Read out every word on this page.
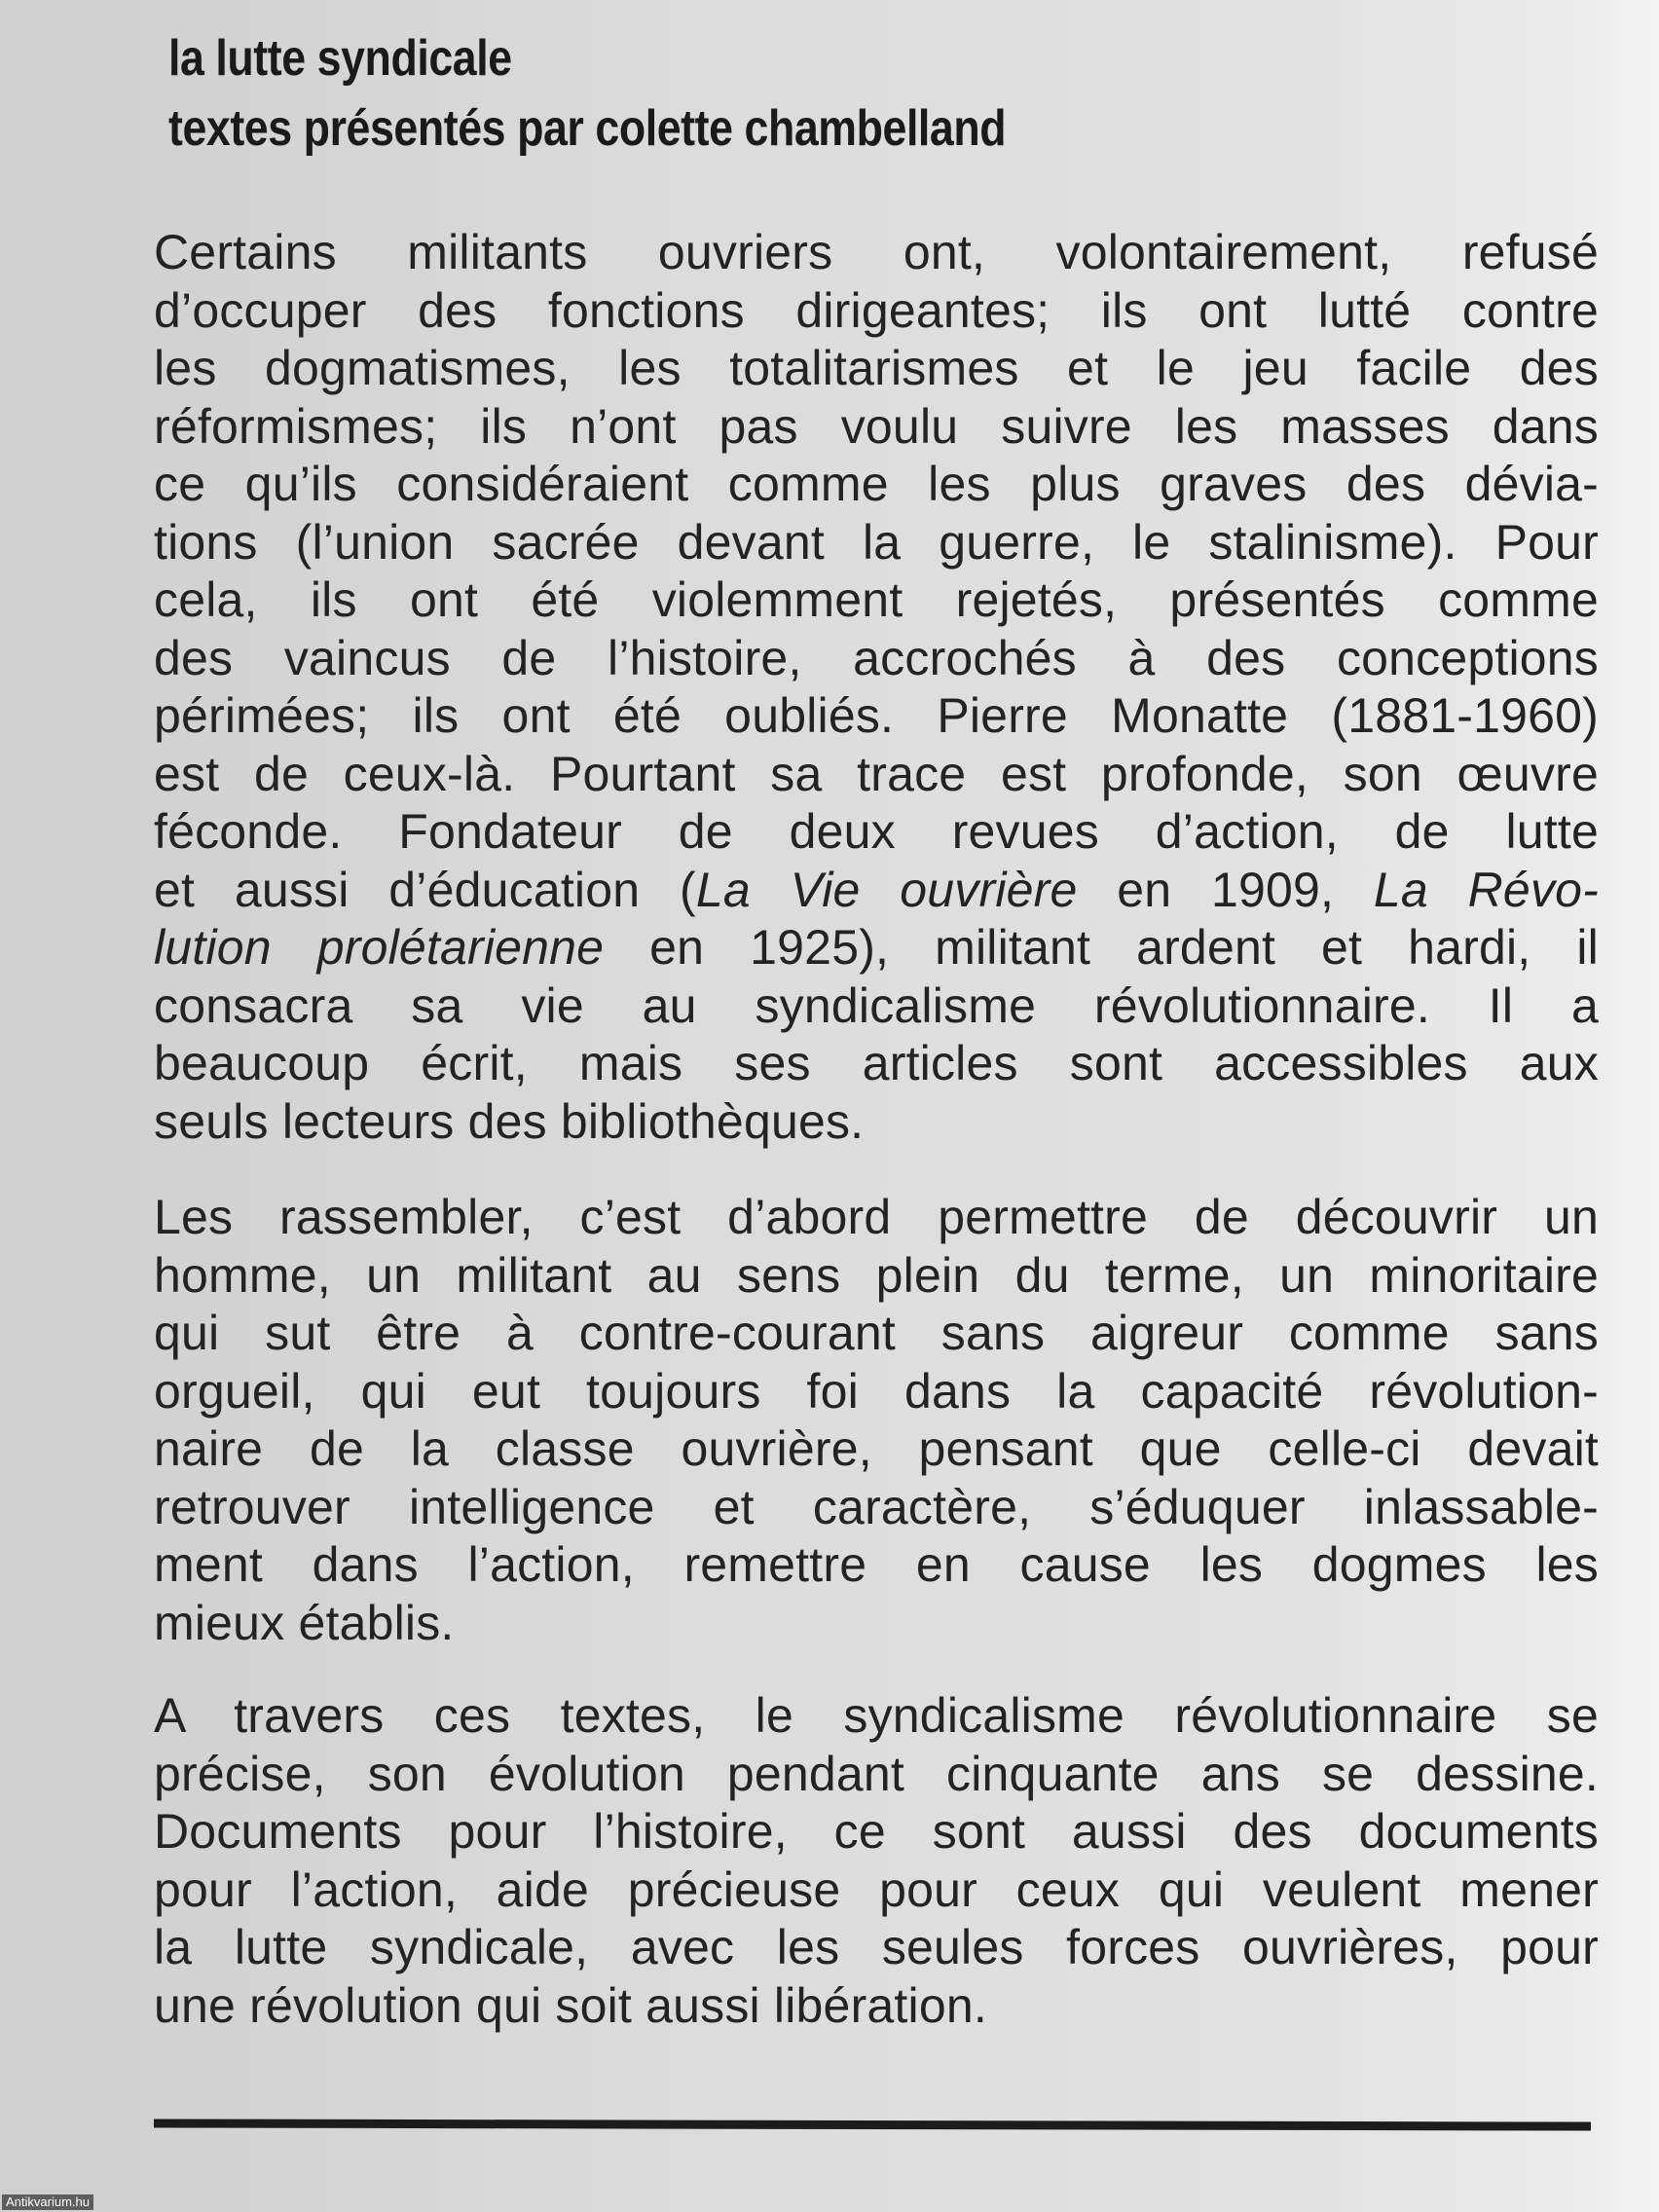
la lutte syndicale
textes présentés par colette chambelland
Certains militants ouvriers ont, volontairement, refusé
d’occuper des fonctions dirigeantes; ils ont lutté contre
les dogmatismes, les totalitarismes et le jeu facile des
réformismes; ils n’ont pas voulu suivre les masses dans
ce qu’ils considéraient comme les plus graves des dévia-
tions (l’union sacrée devant la guerre, le stalinisme). Pour
cela, ils ont été violemment rejetés, présentés comme
des vaincus de l’histoire, accrochés à des conceptions
périmées; ils ont été oubliés. Pierre Monatte (1881-1960)
est de ceux-là. Pourtant sa trace est profonde, son œuvre
féconde. Fondateur de deux revues d’action, de lutte
et aussi d’éducation (La Vie ouvrière en 1909, La Révo-
lution prolétarienne en 1925), militant ardent et hardi, il
consacra sa vie au syndicalisme révolutionnaire. Il a
beaucoup écrit, mais ses articles sont accessibles aux
seuls lecteurs des bibliothèques.
Les rassembler, c’est d’abord permettre de découvrir un
homme, un militant au sens plein du terme, un minoritaire
qui sut être à contre-courant sans aigreur comme sans
orgueil, qui eut toujours foi dans la capacité révolution-
naire de la classe ouvrière, pensant que celle-ci devait
retrouver intelligence et caractère, s’éduquer inlassable-
ment dans l’action, remettre en cause les dogmes les
mieux établis.
A travers ces textes, le syndicalisme révolutionnaire se
précise, son évolution pendant cinquante ans se dessine.
Documents pour l’histoire, ce sont aussi des documents
pour l’action, aide précieuse pour ceux qui veulent mener
la lutte syndicale, avec les seules forces ouvrières, pour
une révolution qui soit aussi libération.
Antikvarium.hu
